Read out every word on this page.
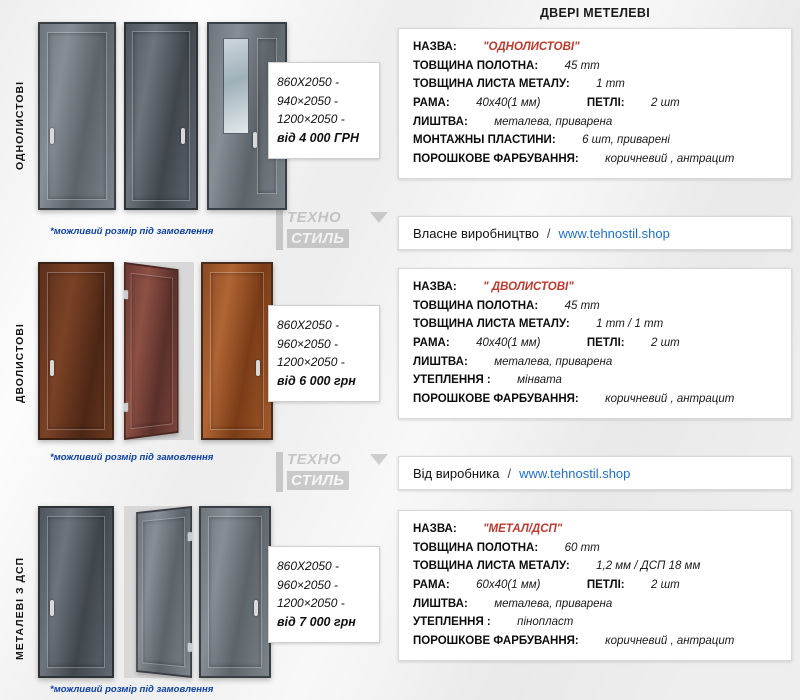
ДВЕРІ МЕТЕЛЕВІ
ОДНОЛИСТОВІ

*можливий розмір під замовлення
860X2050 -
940×2050 -
1200×2050 -
від 4 000 ГРН
НАЗВА: "ОДНОЛИСТОВІ"
ТОВЩИНА ПОЛОТНА: 45 mm
ТОВЩИНА ЛИСТА МЕТАЛУ: 1 mm
РАМА: 40х40(1 мм)	ПЕТЛІ: 2 шт
ЛИШТВА: металева, приварена
МОНТАЖНЫ ПЛАСТИНИ: 6 шт, приварені
ПОРОШКОВЕ ФАРБУВАННЯ: коричневий , антрацит
Власне виробництво / www.tehnostil.shop
ТЕХНО
СТИЛЬ
ДВОЛИСТОВІ

*можливий розмір під замовлення
860X2050 -
960×2050 -
1200×2050 -
від 6 000 грн
НАЗВА: " ДВОЛИСТОВІ"
ТОВЩИНА ПОЛОТНА: 45 mm
ТОВЩИНА ЛИСТА МЕТАЛУ: 1 mm / 1 mm
РАМА: 40х40(1 мм)	ПЕТЛІ: 2 шт
ЛИШТВА: металева, приварена
УТЕПЛЕННЯ : мінвата
ПОРОШКОВЕ ФАРБУВАННЯ: коричневий , антрацит
Від виробника / www.tehnostil.shop
ТЕХНО
СТИЛЬ
МЕТАЛЕВІ З ДСП

*можливий розмір під замовлення
860X2050 -
960×2050 -
1200×2050 -
від 7 000 грн
НАЗВА: "МЕТАЛ/ДСП"
ТОВЩИНА ПОЛОТНА: 60 mm
ТОВЩИНА ЛИСТА МЕТАЛУ: 1,2 мм / ДСП 18 мм
РАМА: 60х40(1 мм)	ПЕТЛІ: 2 шт
ЛИШТВА: металева, приварена
УТЕПЛЕННЯ : пінопласт
ПОРОШКОВЕ ФАРБУВАННЯ: коричневий , антрацит
